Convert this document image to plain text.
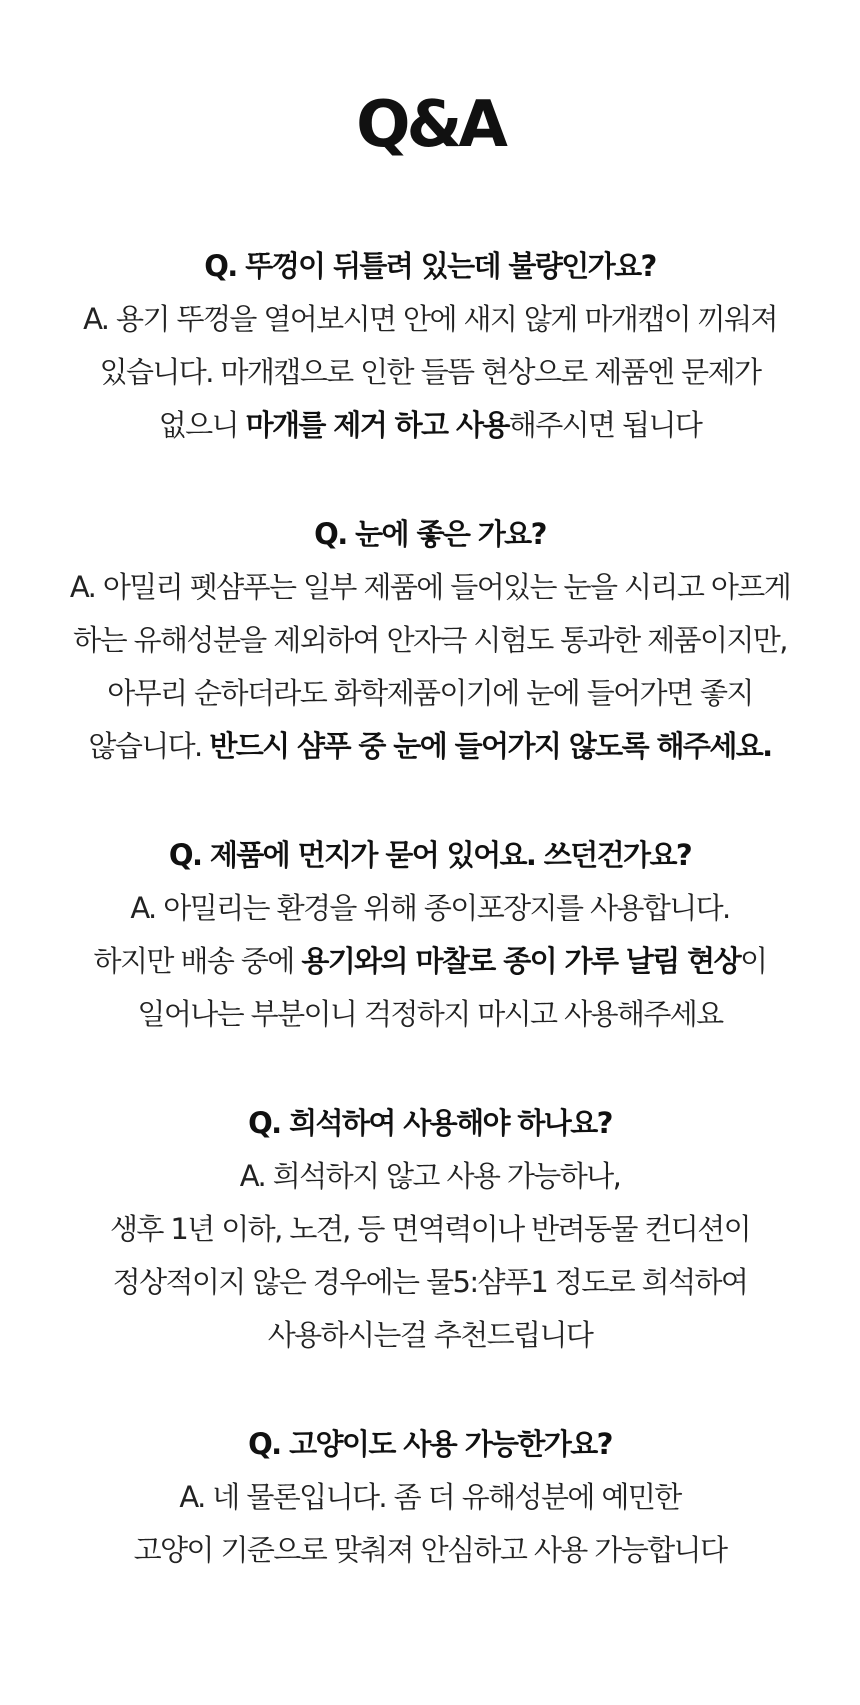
Q&A

Q. 뚜껑이 뒤틀려 있는데 불량인가요?

A. 용기 뚜껑을 열어보시면 안에 새지 않게 마개캡이 끼워져

있습니다. 마개캡으로 인한 들뜸 현상으로 제품엔 문제가

없으니 마개를 제거 하고 사용해주시면 됩니다

Q. 눈에 좋은 가요?

A. 아밀리 펫샴푸는 일부 제품에 들어있는 눈을 시리고 아프게

하는 유해성분을 제외하여 안자극 시험도 통과한 제품이지만,

아무리 순하더라도 화학제품이기에 눈에 들어가면 좋지

않습니다. 반드시 샴푸 중 눈에 들어가지 않도록 해주세요.

Q. 제품에 먼지가 묻어 있어요. 쓰던건가요?

A. 아밀리는 환경을 위해 종이포장지를 사용합니다.

하지만 배송 중에 용기와의 마찰로 종이 가루 날림 현상이

일어나는 부분이니 걱정하지 마시고 사용해주세요

Q. 희석하여 사용해야 하나요?

A. 희석하지 않고 사용 가능하나,

생후 1년 이하, 노견, 등 면역력이나 반려동물 컨디션이

정상적이지 않은 경우에는 물5:샴푸1 정도로 희석하여

사용하시는걸 추천드립니다

Q. 고양이도 사용 가능한가요?

A. 네 물론입니다. 좀 더 유해성분에 예민한

고양이 기준으로 맞춰져 안심하고 사용 가능합니다
